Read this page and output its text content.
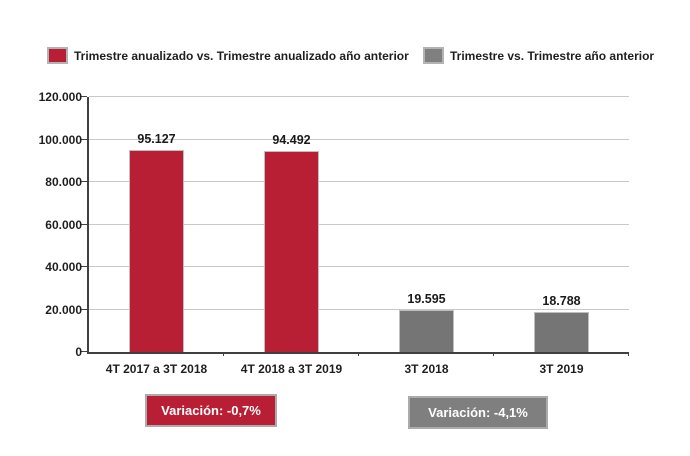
Constitución de Sociedades - Número de operaciones
Trimestre anualizado vs. Trimestre anualizado año anterior	Trimestre vs. Trimestre año anterior
0
20.000
40.000
60.000
80.000
100.000
120.000
95.127
4T 2017 a 3T 2018
94.492
4T 2018 a 3T 2019
19.595
3T 2018
18.788
3T 2019
Variación: -0,7%	Variación: -4,1%
